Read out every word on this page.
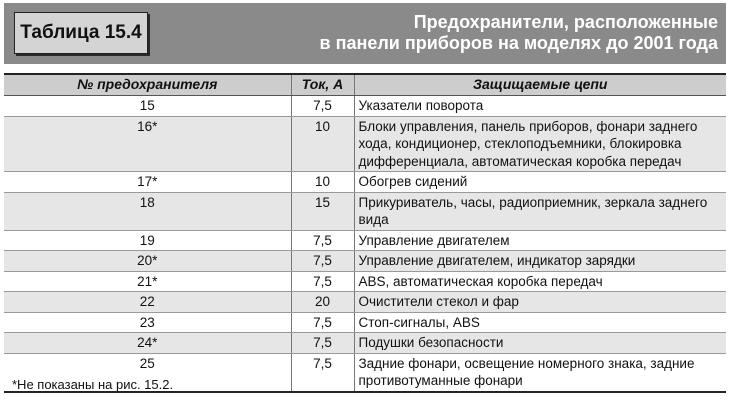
Таблица 15.4	Предохранители, расположенные
в панели приборов на моделях до 2001 года
№ предохранителя	Ток, А	Защищаемые цепи
15	7,5	Указатели поворота
16*	10	Блоки управления, панель приборов, фонари заднего хода, кондиционер, стеклоподъемники, блокировка дифференциала, автоматическая коробка передач
17*	10	Обогрев сидений
18	15	Прикуриватель, часы, радиоприемник, зеркала заднего вида
19	7,5	Управление двигателем
20*	7,5	Управление двигателем, индикатор зарядки
21*	7,5	ABS, автоматическая коробка передач
22	20	Очистители стекол и фар
23	7,5	Стоп-сигналы, ABS
24*	7,5	Подушки безопасности
25	7,5	Задние фонари, освещение номерного знака, задние противотуманные фонари
*Не показаны на рис. 15.2.
